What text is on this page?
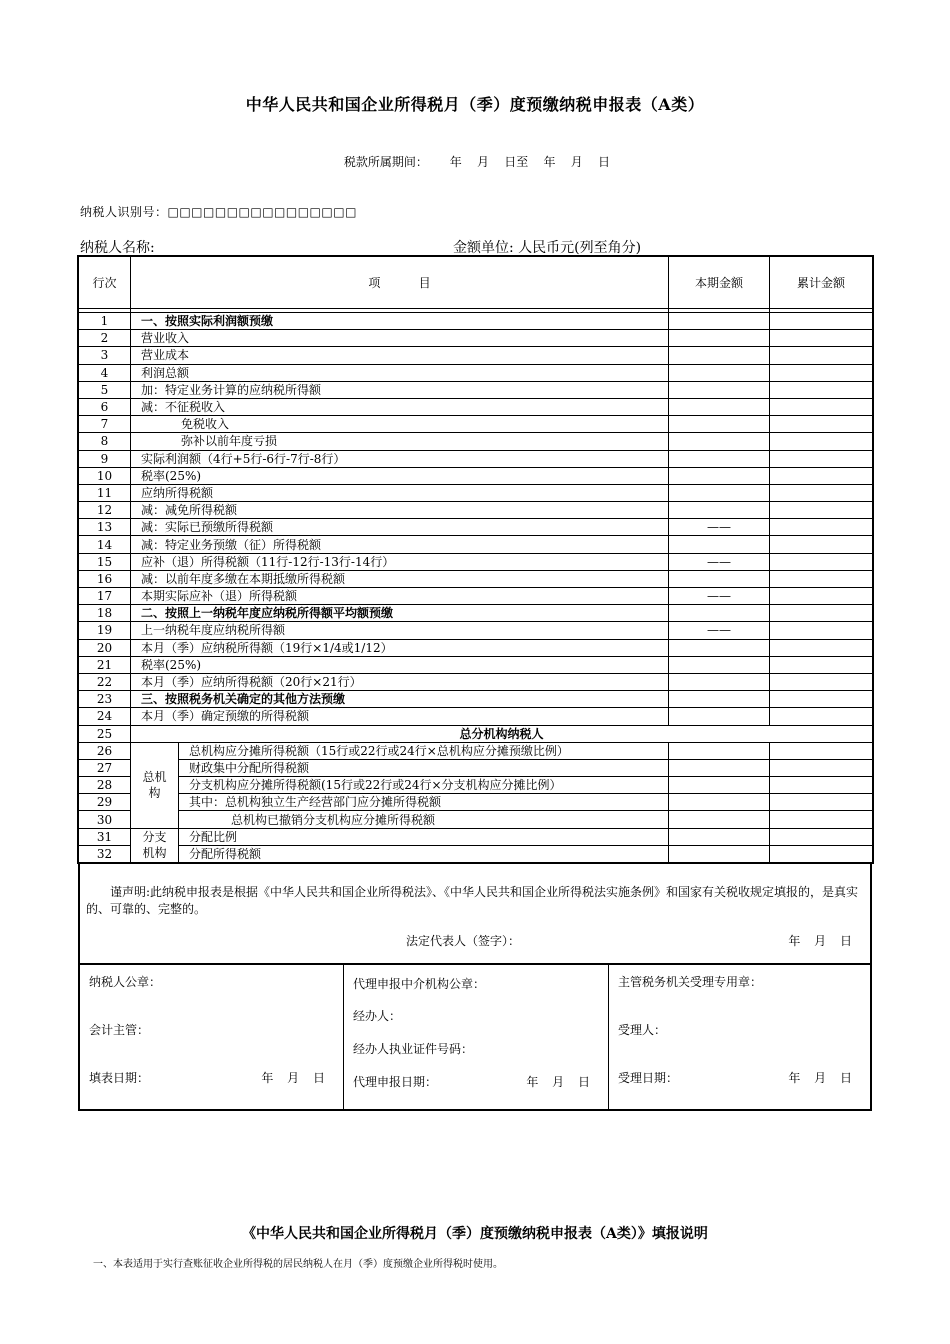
中华人民共和国企业所得税月（季）度预缴纳税申报表（A类）
税款所属期间： 年    月    日至    年    月    日
纳税人识别号：□□□□□□□□□□□□□□□□
纳税人名称:	金额单位: 人民币元(列至角分)
行次	项          目		本期金额	累计金额

1	一、按照实际利润额预缴			
2	营业收入			
3	营业成本			
4	利润总额			
5	加：特定业务计算的应纳税所得额			
6	减：不征税收入			
7	免税收入			
8	弥补以前年度亏损			
9	实际利润额（4行+5行-6行-7行-8行）			
10	税率(25%)			
11	应纳所得税额			
12	减：减免所得税额			
13	减：实际已预缴所得税额		——	
14	减：特定业务预缴（征）所得税额			
15	应补（退）所得税额（11行-12行-13行-14行）		——	
16	减：以前年度多缴在本期抵缴所得税额			
17	本期实际应补（退）所得税额		——	
18	二、按照上一纳税年度应纳税所得额平均额预缴			
19	上一纳税年度应纳税所得额		——	
20	本月（季）应纳税所得额（19行×1/4或1/12）			
21	税率(25%)			
22	本月（季）应纳所得税额（20行×21行）			
23	三、按照税务机关确定的其他方法预缴			
24	本月（季）确定预缴的所得税额			
25	总分机构纳税人			
26	总机构	总机构应分摊所得税额（15行或22行或24行×总机构应分摊预缴比例）		
27		财政集中分配所得税额		
28		分支机构应分摊所得税额(15行或22行或24行×分支机构应分摊比例）		
29		其中：总机构独立生产经营部门应分摊所得税额		
30		总机构已撤销分支机构应分摊所得税额		
31	分支机构	分配比例		
32		分配所得税额		
谨声明:此纳税申报表是根据《中华人民共和国企业所得税法》、《中华人民共和国企业所得税法实施条例》和国家有关税收规定填报的，是真实的、可靠的、完整的。
法定代表人（签字）：	年 月 日
纳税人公章：
会计主管：
填表日期：	年 月 日
代理申报中介机构公章：
经办人：
经办人执业证件号码：
代理申报日期：	年 月 日
主管税务机关受理专用章：
受理人：
受理日期：	年 月 日
《中华人民共和国企业所得税月（季）度预缴纳税申报表（A类）》填报说明
一、本表适用于实行查账征收企业所得税的居民纳税人在月（季）度预缴企业所得税时使用。
